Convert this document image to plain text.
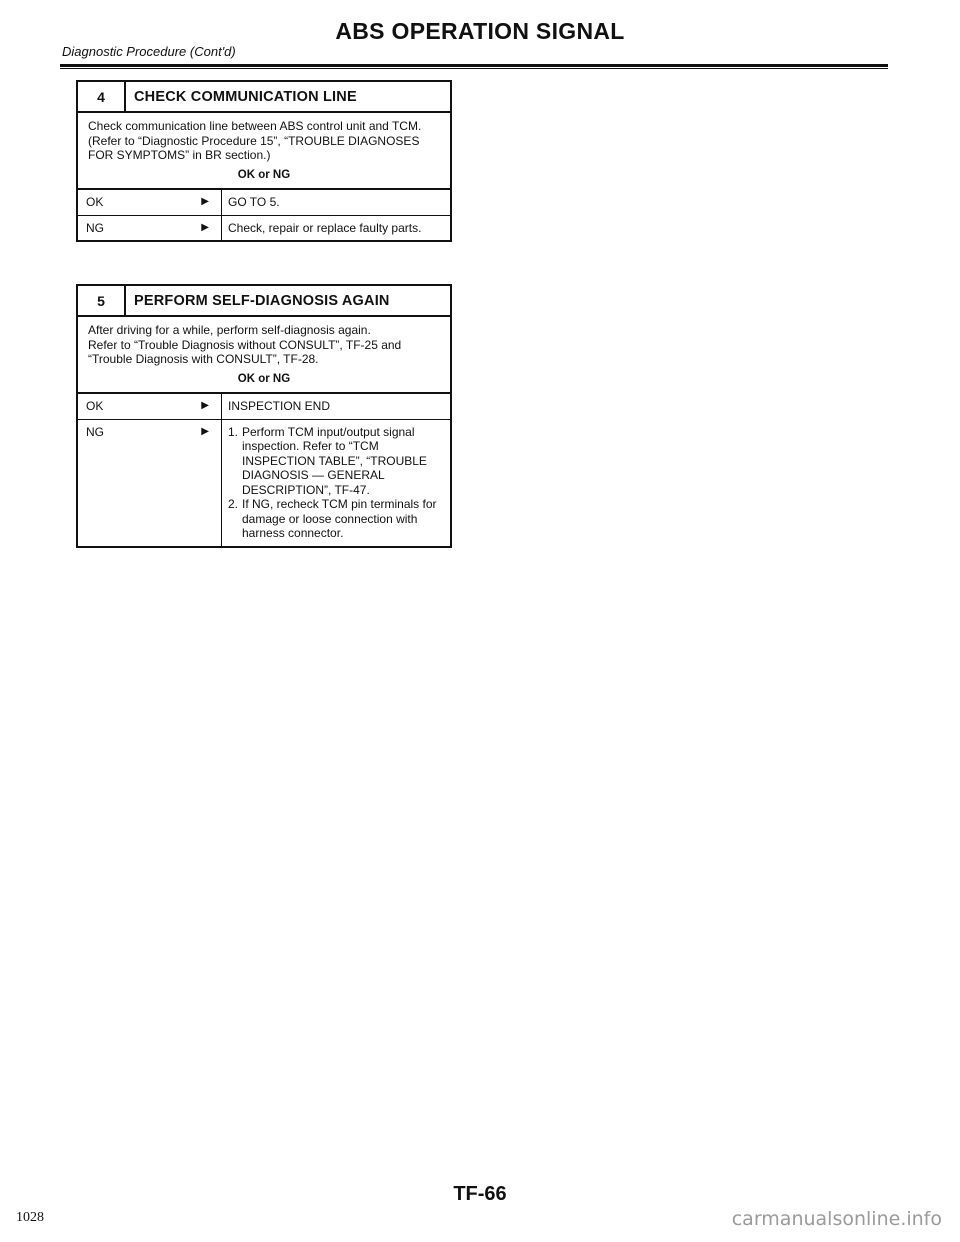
ABS OPERATION SIGNAL
Diagnostic Procedure (Cont'd)
4	CHECK COMMUNICATION LINE

Check communication line between ABS control unit and TCM.

(Refer to “Diagnostic Procedure 15”, “TROUBLE DIAGNOSES FOR SYMPTOMS” in BR section.)

OK or NG
OK	▶	GO TO 5.
NG	▶	Check, repair or replace faulty parts.
5	PERFORM SELF-DIAGNOSIS AGAIN

After driving for a while, perform self-diagnosis again.

Refer to “Trouble Diagnosis without CONSULT”, TF-25 and “Trouble Diagnosis with CONSULT”, TF-28.

OK or NG
OK	▶	INSPECTION END
NG	▶ 1. Perform TCM input/output signal inspection. Refer to “TCM INSPECTION TABLE”, “TROUBLE DIAGNOSIS — GENERAL DESCRIPTION”, TF-47.
2. If NG, recheck TCM pin terminals for damage or loose connection with harness connector.
TF-66
1028	carmanualsonline.info
